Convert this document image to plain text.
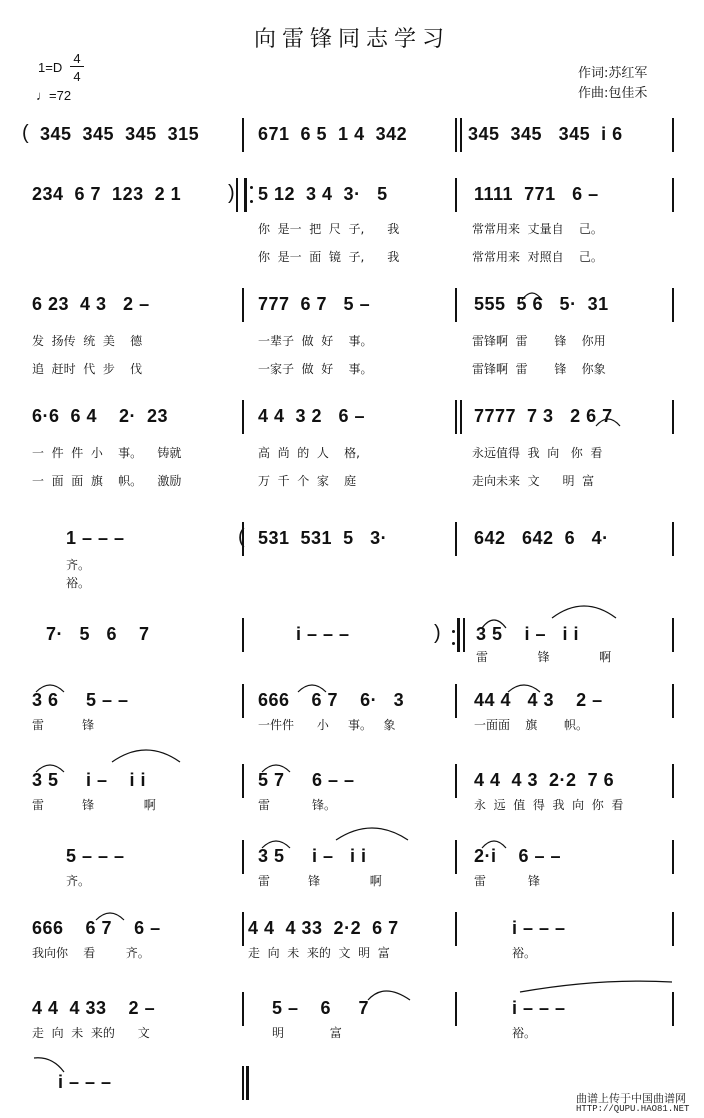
向雷锋同志学习
1=D
4
4
♩=72
作词:苏红军
作曲:包佳禾
( 345  345  345  315	671  6 5  1 4  342	345  345   345  i 6
234  6 7  123  2 1 ) 5 12  3 4  3·   5	1111  771   6 –
你  是一  把  尺  子,      我	常常用来  丈量自    己。
你  是一  面  镜  子,      我	常常用来  对照自    己。
6 23  4 3   2 –	777  6 7   5 –	555  5 6   5·  31
发  扬传  统  美    德	一辈子  做  好    事。	雷锋啊  雷       锋    你用
追  赶时  代  步    伐	一家子  做  好    事。	雷锋啊  雷       锋    你象
6·6  6 4    2·  23	4 4  3 2   6 –	7777  7 3   2 6 7
一  件  件  小    事。    铸就	高  尚  的  人    格,	永远值得  我  向   你  看
一  面  面  旗    帜。    激励	万  千  个  家    庭	走向未来  文      明  富
1 – – –	( 531  531  5   3·	642   642  6   4·
齐。
裕。
7·   5   6    7	i – – –	) 3 5    i –   i i
雷             锋             啊
3 6     5 – –	666    6 7    6·   3	44 4   4 3    2 –
雷          锋	一件件      小     事。   象	一面面    旗       帜。
3 5     i –    i i	5 7     6 – –	4 4  4 3  2·2  7 6
雷          锋             啊	雷           锋。	永  远  值  得  我  向  你  看
5 – – –	3 5     i –   i i	2·i    6 – –
齐。	雷          锋             啊	雷           锋
666    6 7    6 –	4 4  4 33  2·2  6 7	i – – –
我向你    看        齐。	走  向  未  来的  文  明  富	裕。
4 4  4 33    2 –	5 –    6     7	i – – –
走  向  未  来的      文	明            富	裕。
i – – –
曲谱上传于中国曲谱网
HTTP://QUPU.HAO81.NET
